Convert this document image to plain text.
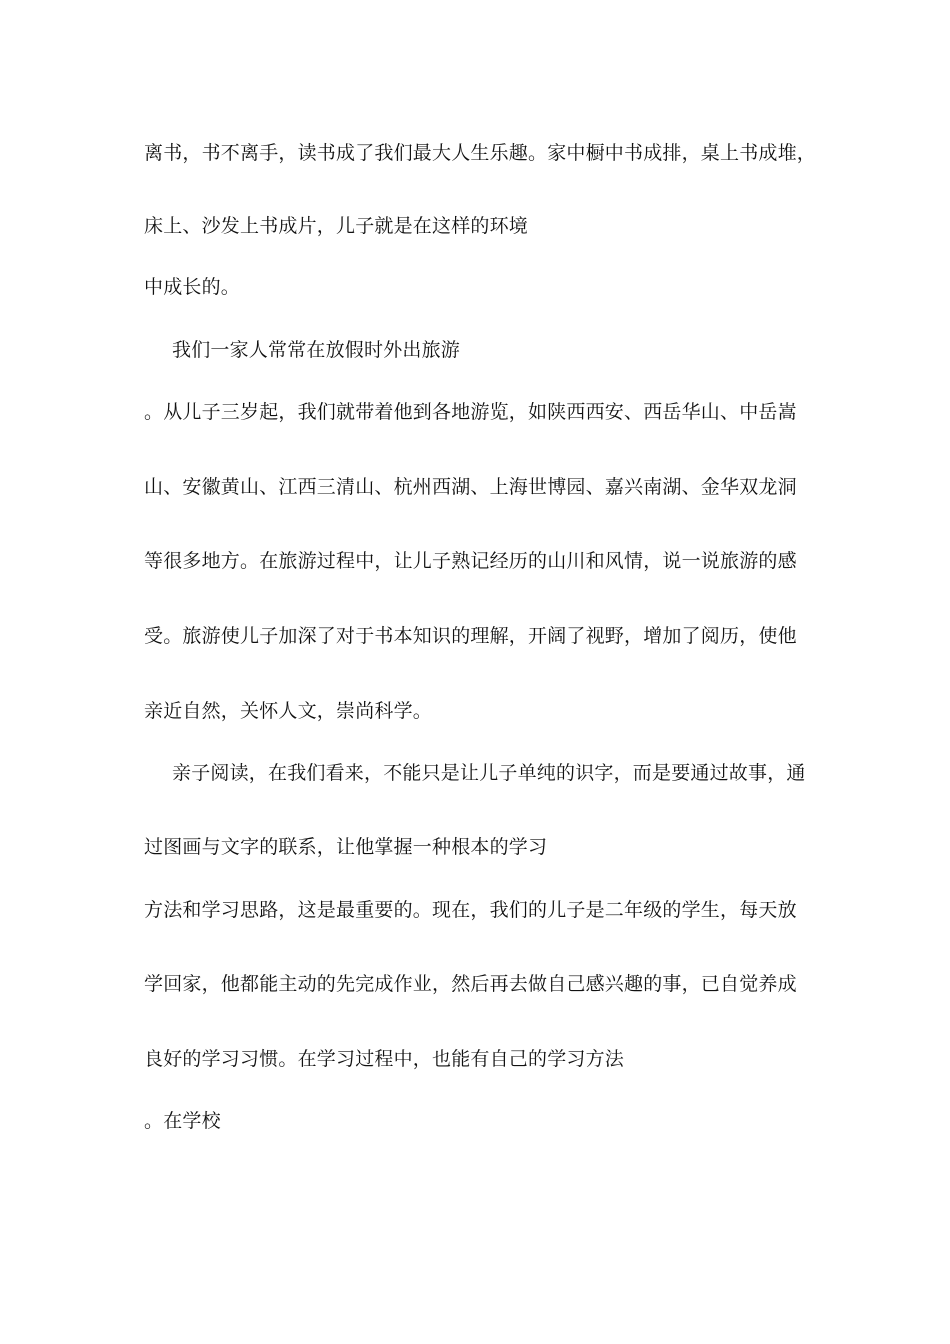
离书，书不离手，读书成了我们最大人生乐趣。家中橱中书成排，桌上书成堆，
床上、沙发上书成片，儿子就是在这样的环境
中成长的。
我们一家人常常在放假时外出旅游
。从儿子三岁起，我们就带着他到各地游览，如陕西西安、西岳华山、中岳嵩
山、安徽黄山、江西三清山、杭州西湖、上海世博园、嘉兴南湖、金华双龙洞
等很多地方。在旅游过程中，让儿子熟记经历的山川和风情，说一说旅游的感
受。旅游使儿子加深了对于书本知识的理解，开阔了视野，增加了阅历，使他
亲近自然，关怀人文，崇尚科学。
亲子阅读，在我们看来，不能只是让儿子单纯的识字，而是要通过故事，通
过图画与文字的联系，让他掌握一种根本的学习
方法和学习思路，这是最重要的。现在，我们的儿子是二年级的学生，每天放
学回家，他都能主动的先完成作业，然后再去做自己感兴趣的事，已自觉养成
良好的学习习惯。在学习过程中，也能有自己的学习方法
。在学校
